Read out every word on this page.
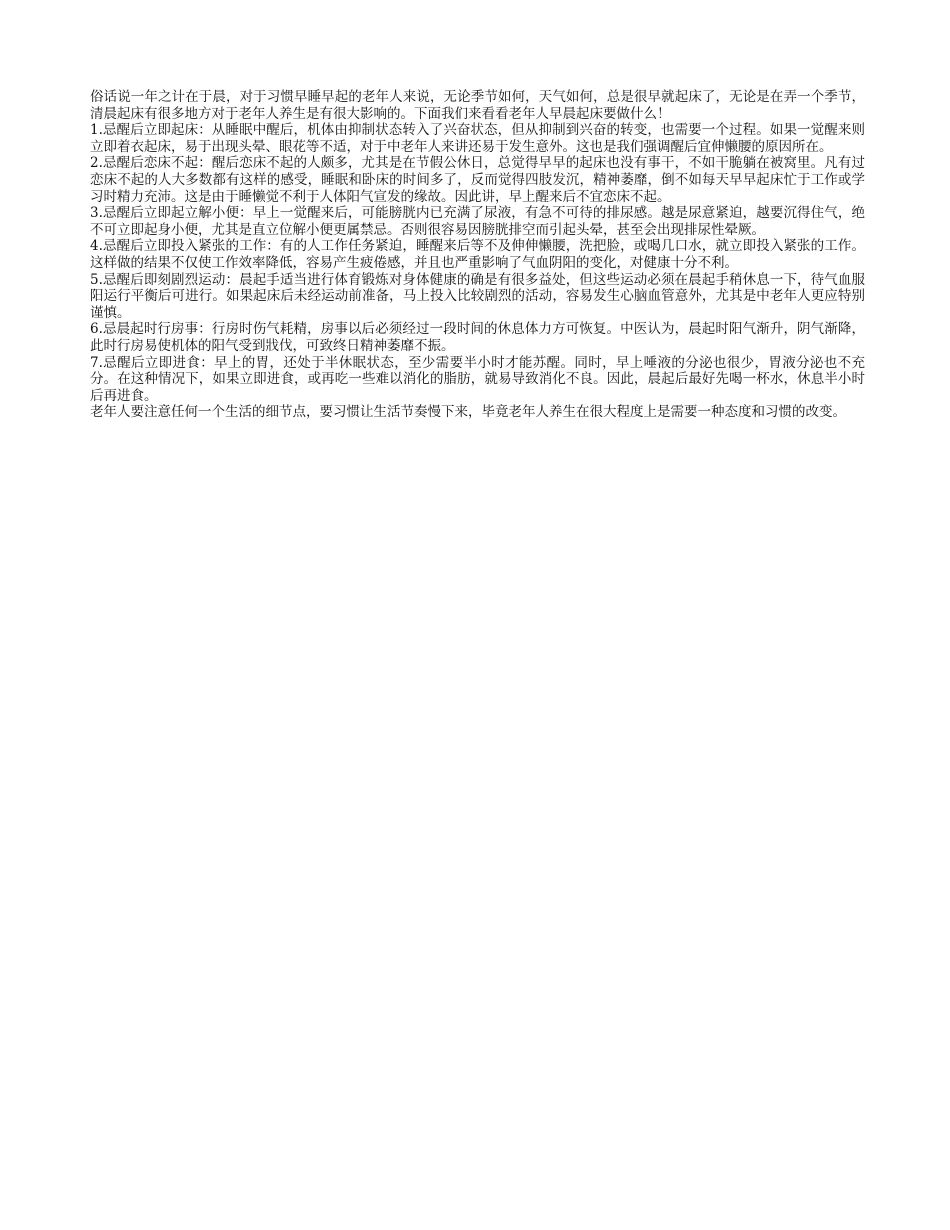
俗话说一年之计在于晨，对于习惯早睡早起的老年人来说，无论季节如何，天气如何，总是很早就起床了，无论是在弄一个季节，清晨起床有很多地方对于老年人养生是有很大影响的。下面我们来看看老年人早晨起床要做什么！

1.忌醒后立即起床：从睡眠中醒后，机体由抑制状态转入了兴奋状态，但从抑制到兴奋的转变，也需要一个过程。如果一觉醒来则立即着衣起床，易于出现头晕、眼花等不适，对于中老年人来讲还易于发生意外。这也是我们强调醒后宜伸懒腰的原因所在。

2.忌醒后恋床不起：醒后恋床不起的人颇多，尤其是在节假公休日，总觉得早早的起床也没有事干，不如干脆躺在被窝里。凡有过恋床不起的人大多数都有这样的感受，睡眠和卧床的时间多了，反而觉得四肢发沉，精神萎靡，倒不如每天早早起床忙于工作或学习时精力充沛。这是由于睡懒觉不利于人体阳气宣发的缘故。因此讲，早上醒来后不宜恋床不起。

3.忌醒后立即起立解小便：早上一觉醒来后，可能膀胱内已充满了尿液，有急不可待的排尿感。越是尿意紧迫，越要沉得住气，绝不可立即起身小便，尤其是直立位解小便更属禁忌。否则很容易因膀胱排空而引起头晕，甚至会出现排尿性晕厥。

4.忌醒后立即投入紧张的工作：有的人工作任务紧迫，睡醒来后等不及伸伸懒腰，洗把脸，或喝几口水，就立即投入紧张的工作。这样做的结果不仅使工作效率降低，容易产生疲倦感，并且也严重影响了气血阴阳的变化，对健康十分不利。

5.忌醒后即刻剧烈运动：晨起手适当进行体育锻炼对身体健康的确是有很多益处，但这些运动必须在晨起手稍休息一下，待气血服阳运行平衡后可进行。如果起床后未经运动前准备，马上投入比较剧烈的活动，容易发生心脑血管意外，尤其是中老年人更应特别谨慎。

6.忌晨起时行房事：行房时伤气耗精，房事以后必须经过一段时间的休息体力方可恢复。中医认为，晨起时阳气渐升，阴气渐降，此时行房易使机体的阳气受到戕伐，可致终日精神萎靡不振。

7.忌醒后立即进食：早上的胃，还处于半休眠状态，至少需要半小时才能苏醒。同时，早上唾液的分泌也很少，胃液分泌也不充分。在这种情况下，如果立即进食，或再吃一些难以消化的脂肪，就易导致消化不良。因此，晨起后最好先喝一杯水，休息半小时后再进食。

老年人要注意任何一个生活的细节点，要习惯让生活节奏慢下来，毕竟老年人养生在很大程度上是需要一种态度和习惯的改变。
